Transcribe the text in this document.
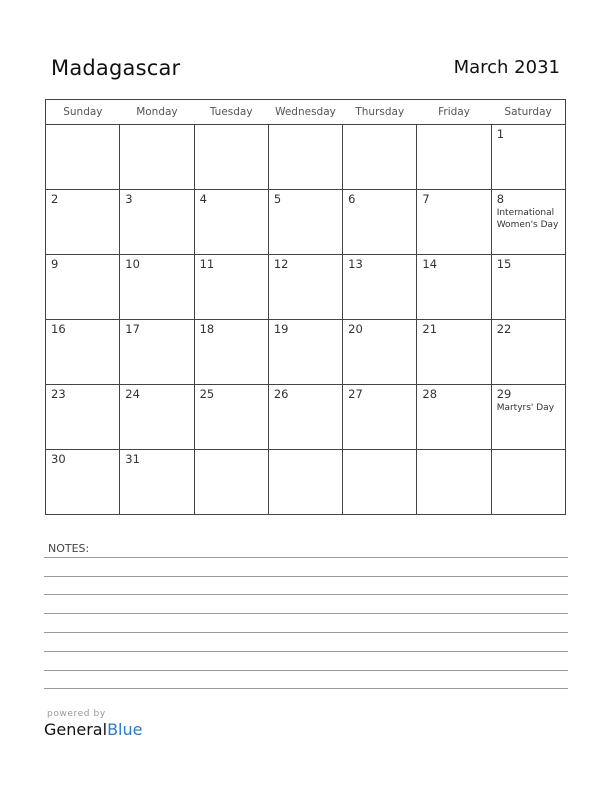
Madagascar	March 2031
Sunday	Monday	Tuesday	Wednesday	Thursday	Friday	Saturday

						1

2	3	4	5	6	7	8
International Women's Day

9	10	11	12	13	14	15

16	17	18	19	20	21	22

23	24	25	26	27	28	29
Martyrs' Day

30	31					

NOTES:
powered by
GeneralBlue
